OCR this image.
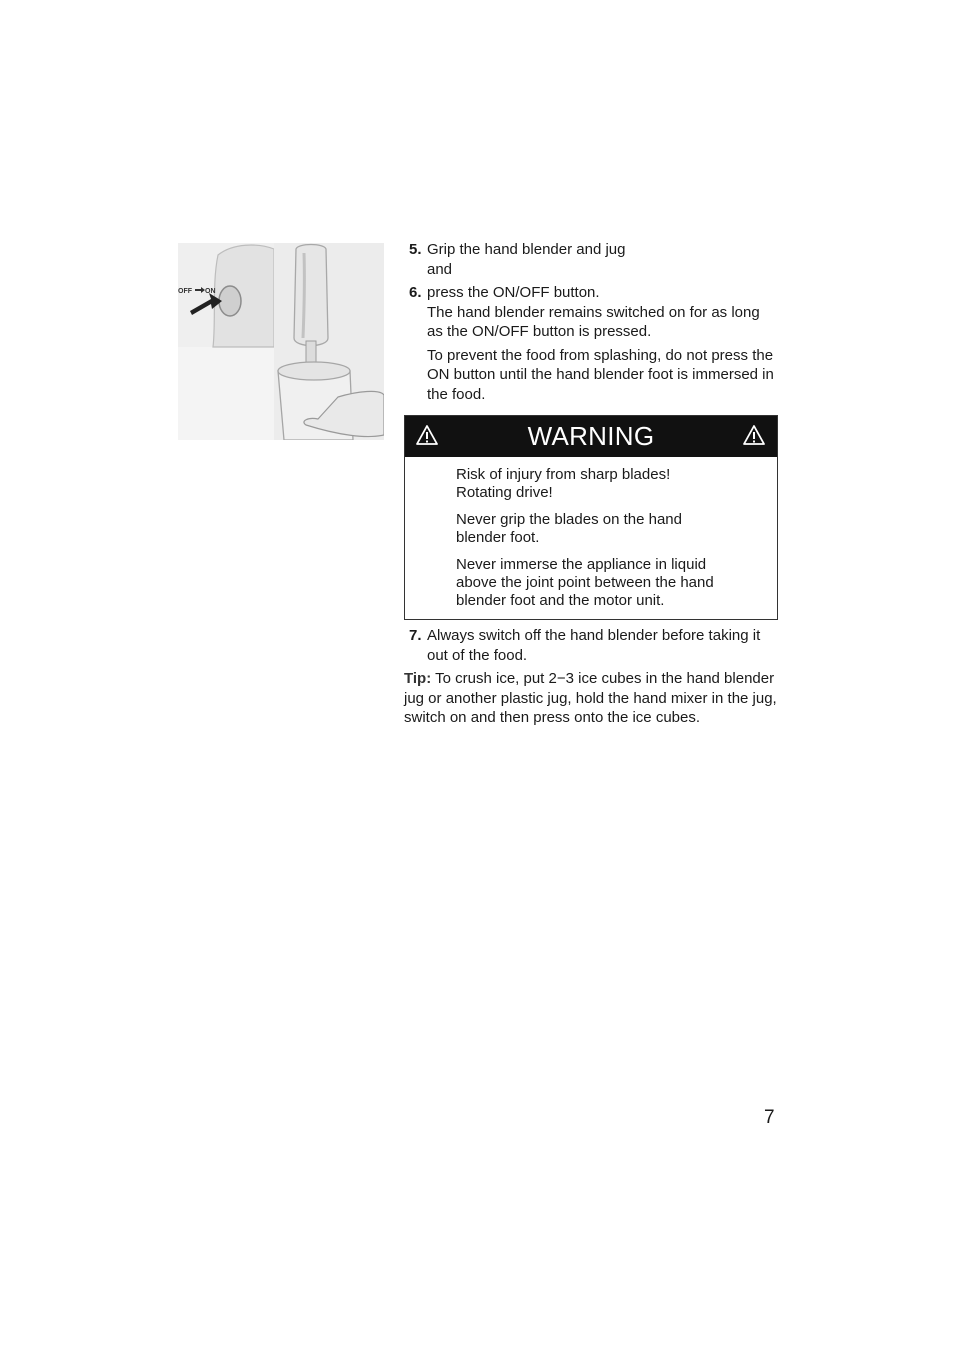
OFF ON
5. Grip the hand blender and jug
and
6. press the ON/OFF button.
The hand blender remains switched on for as long as the ON/OFF button is pressed.
To prevent the food from splashing, do not press the ON button until the hand blender foot is immersed in the food.
WARNING

Risk of injury from sharp blades!
Rotating drive!

Never grip the blades on the hand
blender foot.

Never immerse the appliance in liquid
above the joint point between the hand
blender foot and the motor unit.

7. Always switch off the hand blender before taking it out of the food.
Tip: To crush ice, put 2−3 ice cubes in the hand blender jug or another plastic jug, hold the hand mixer in the jug, switch on and then press onto the ice cubes.
7
